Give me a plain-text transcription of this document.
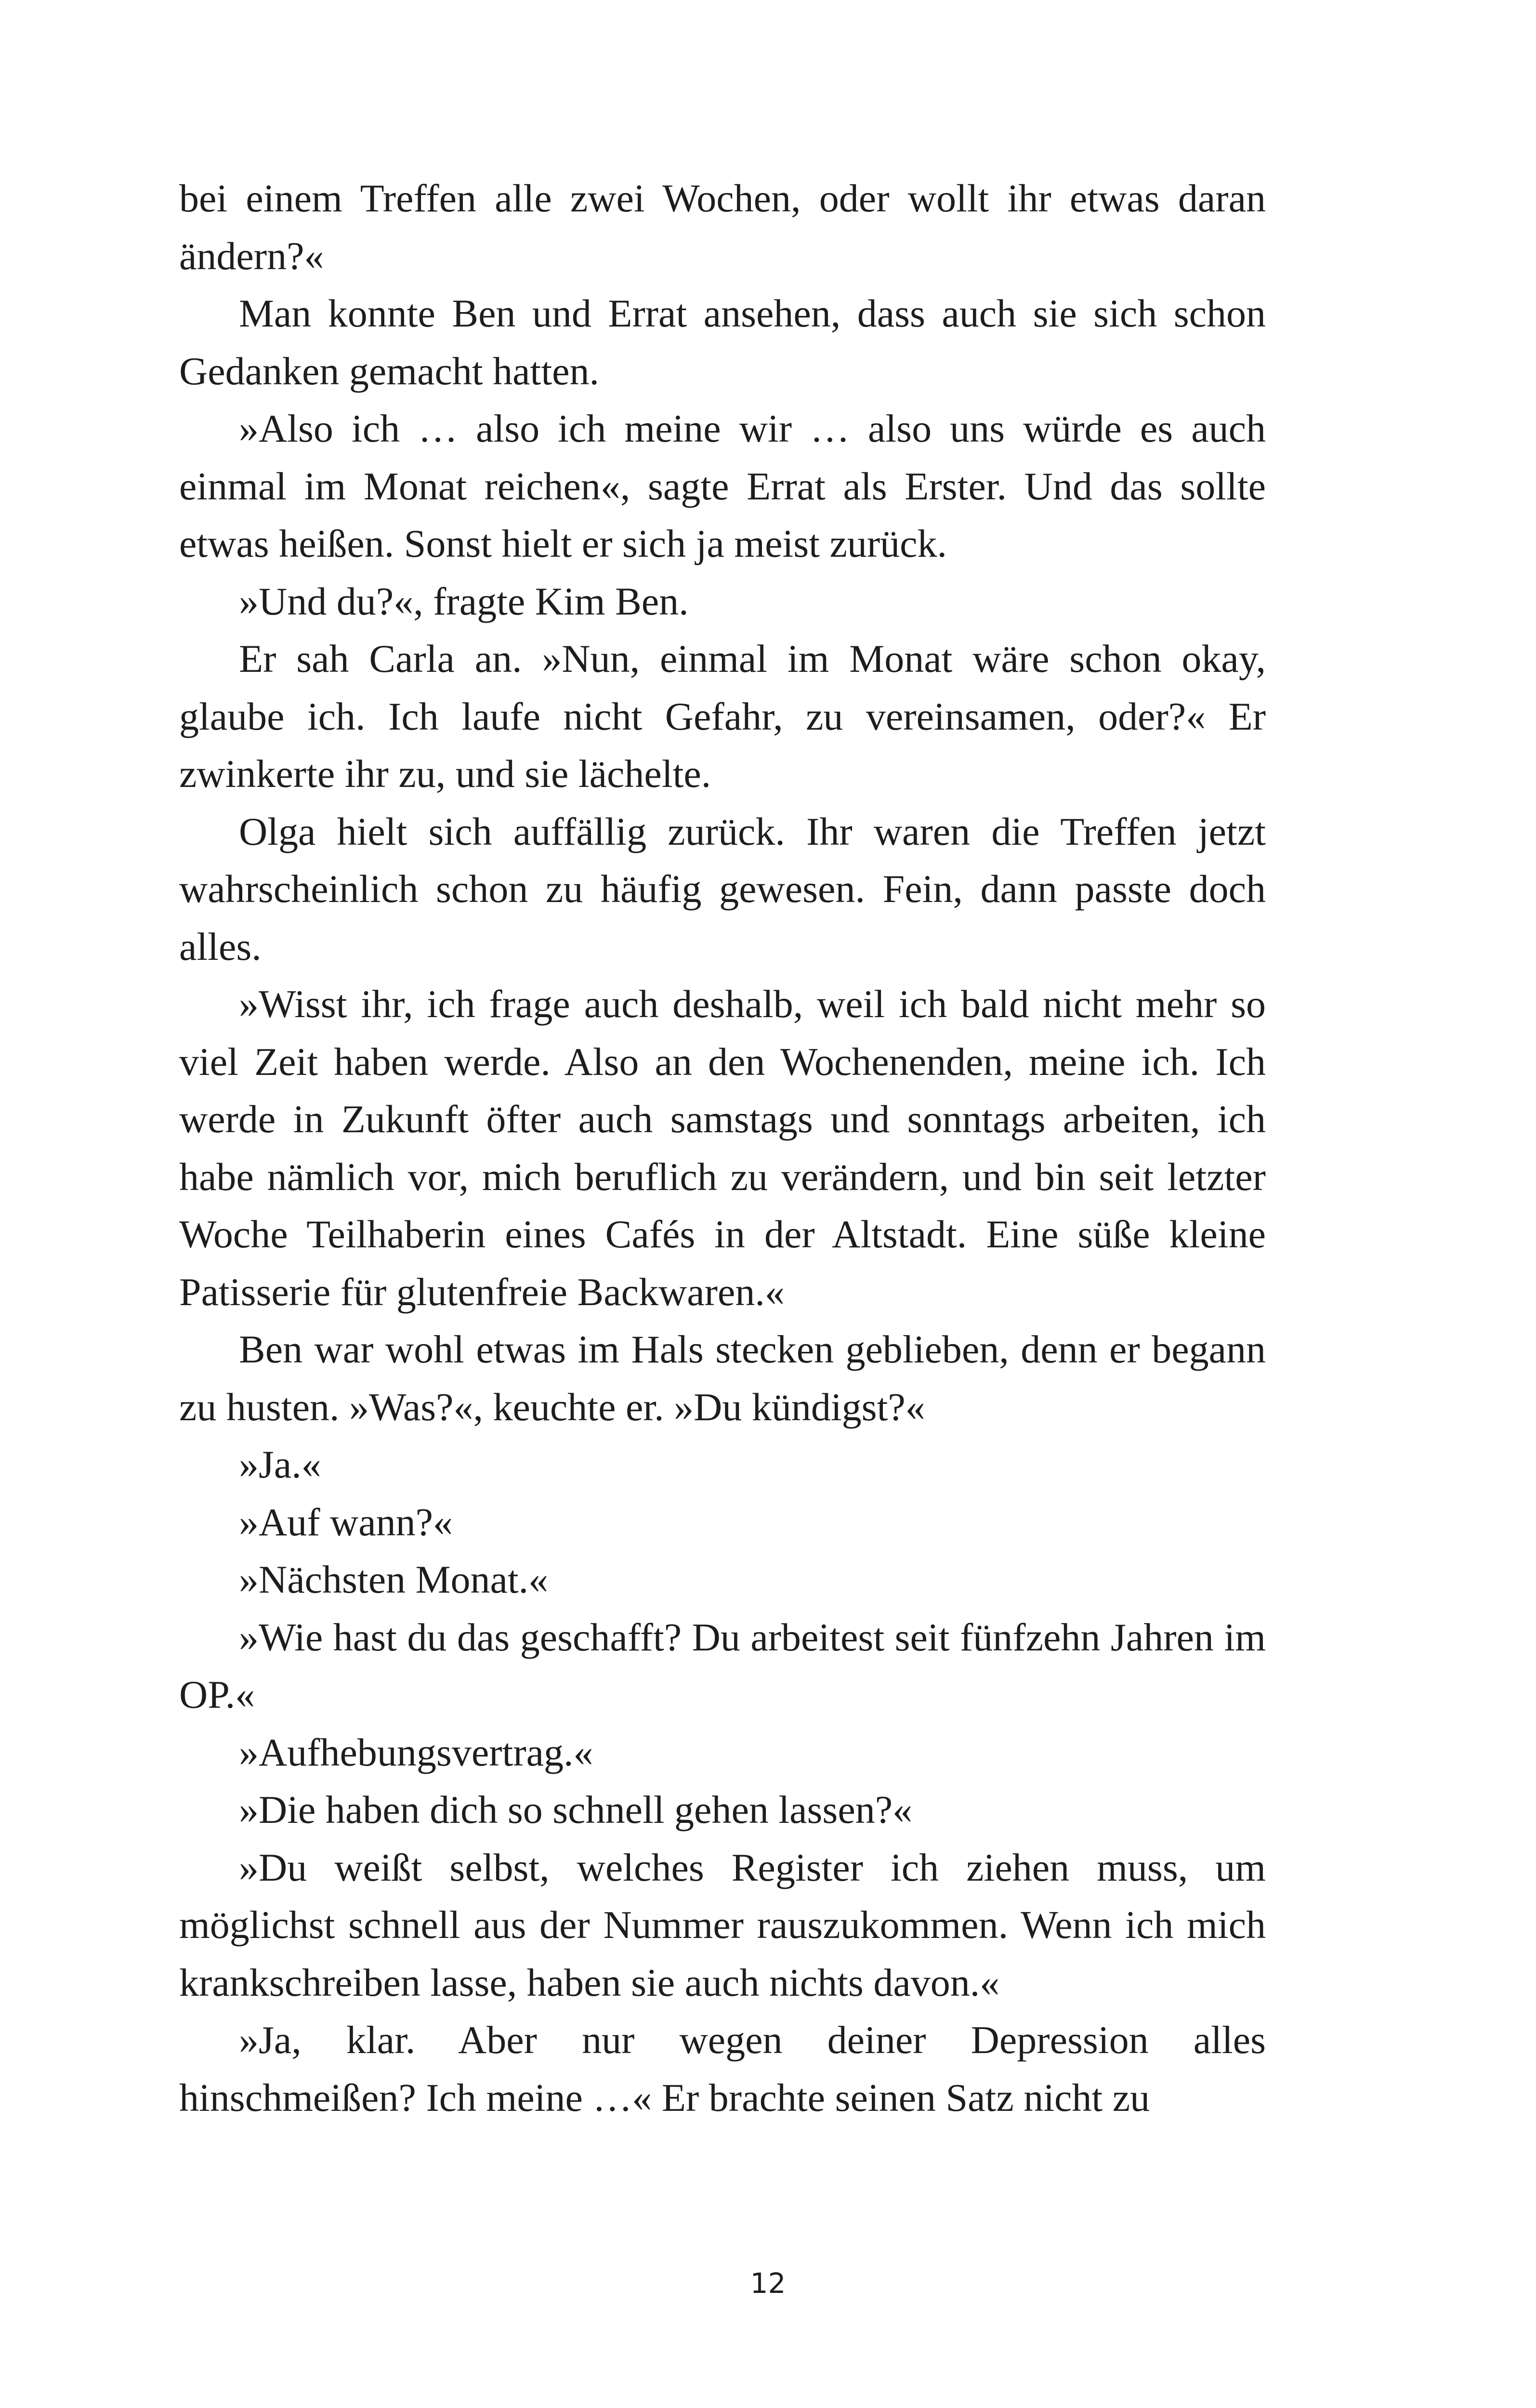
bei einem Treffen alle zwei Wochen, oder wollt ihr etwas daran ändern?«

Man konnte Ben und Errat ansehen, dass auch sie sich schon Gedanken gemacht hatten.

»Also ich … also ich meine wir … also uns würde es auch einmal im Monat reichen«, sagte Errat als Erster. Und das sollte etwas heißen. Sonst hielt er sich ja meist zurück.

»Und du?«, fragte Kim Ben.

Er sah Carla an. »Nun, einmal im Monat wäre schon okay, glaube ich. Ich laufe nicht Gefahr, zu vereinsamen, oder?« Er zwinkerte ihr zu, und sie lächelte.

Olga hielt sich auffällig zurück. Ihr waren die Treffen jetzt wahrscheinlich schon zu häufig gewesen. Fein, dann passte doch alles.

»Wisst ihr, ich frage auch deshalb, weil ich bald nicht mehr so viel Zeit haben werde. Also an den Wochenenden, meine ich. Ich werde in Zukunft öfter auch samstags und sonntags arbeiten, ich habe nämlich vor, mich beruflich zu verändern, und bin seit letzter Woche Teilhaberin eines Cafés in der Altstadt. Eine süße kleine Patisserie für glutenfreie Backwaren.«

Ben war wohl etwas im Hals stecken geblieben, denn er begann zu husten. »Was?«, keuchte er. »Du kündigst?«

»Ja.«

»Auf wann?«

»Nächsten Monat.«

»Wie hast du das geschafft? Du arbeitest seit fünfzehn Jahren im OP.«

»Aufhebungsvertrag.«

»Die haben dich so schnell gehen lassen?«

»Du weißt selbst, welches Register ich ziehen muss, um möglichst schnell aus der Nummer rauszukommen. Wenn ich mich krankschreiben lasse, haben sie auch nichts davon.«

»Ja, klar. Aber nur wegen deiner Depression alles hinschmeißen? Ich meine …« Er brachte seinen Satz nicht zu

12
